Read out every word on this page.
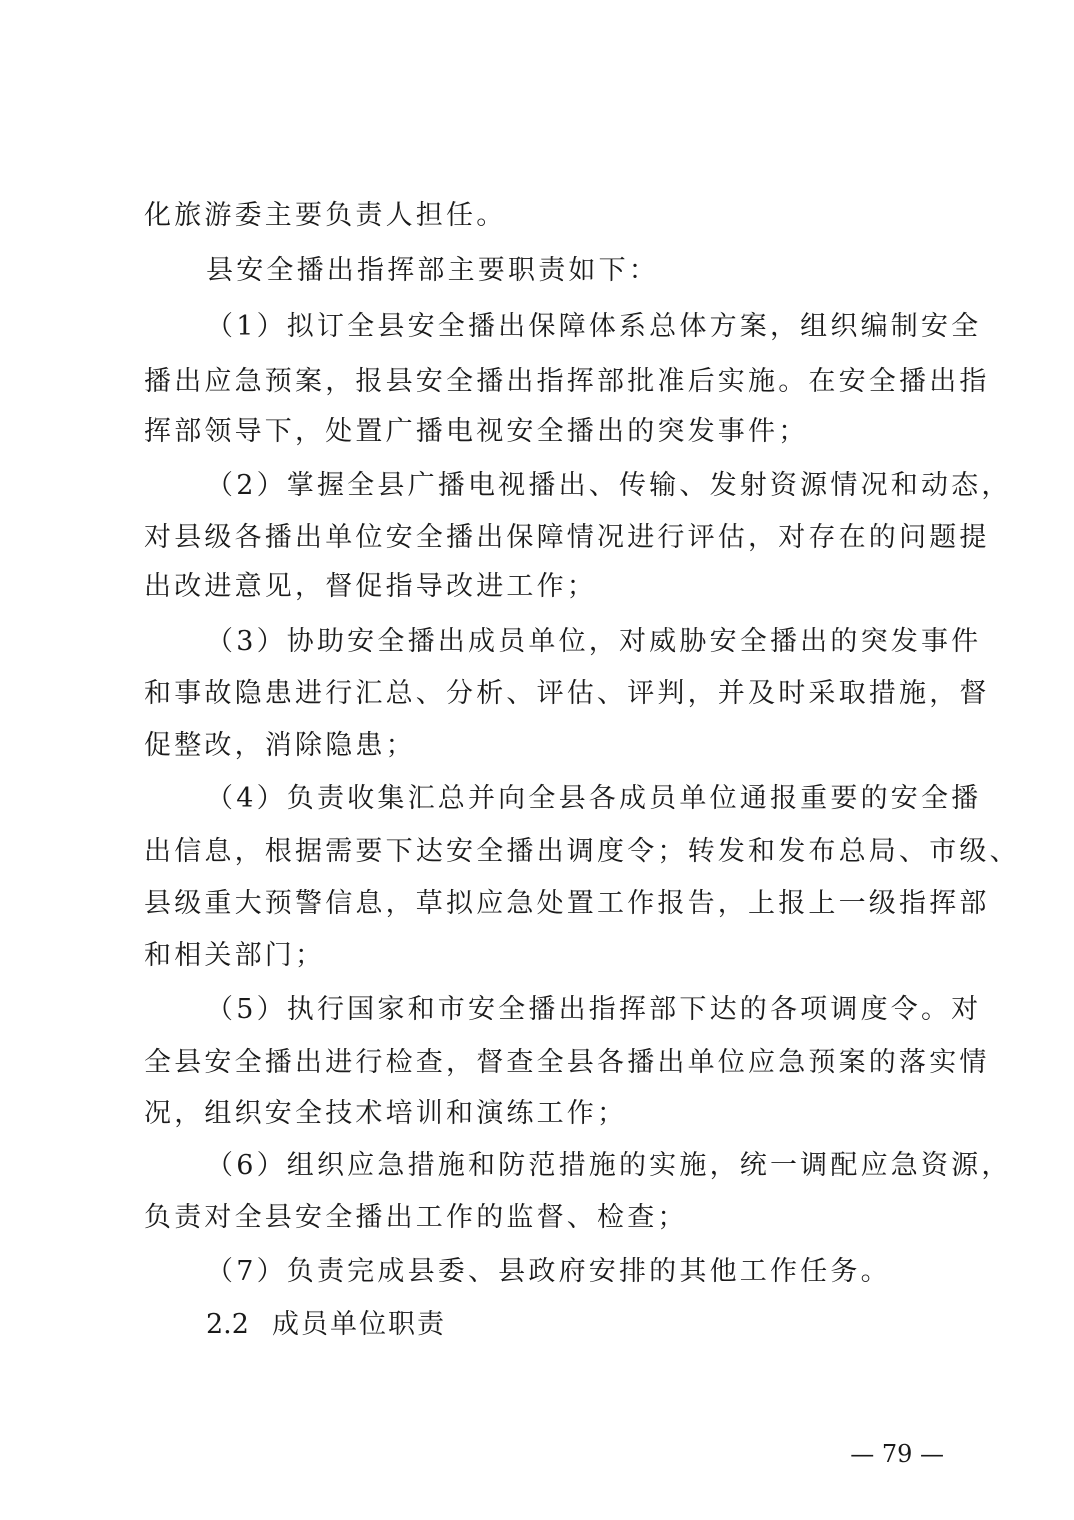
化旅游委主要负责人担任。
县安全播出指挥部主要职责如下：
（1）拟订全县安全播出保障体系总体方案，组织编制安全
播出应急预案，报县安全播出指挥部批准后实施。在安全播出指
挥部领导下，处置广播电视安全播出的突发事件；
（2）掌握全县广播电视播出、传输、发射资源情况和动态，
对县级各播出单位安全播出保障情况进行评估，对存在的问题提
出改进意见，督促指导改进工作；
（3）协助安全播出成员单位，对威胁安全播出的突发事件
和事故隐患进行汇总、分析、评估、评判，并及时采取措施，督
促整改，消除隐患；
（4）负责收集汇总并向全县各成员单位通报重要的安全播
出信息，根据需要下达安全播出调度令；转发和发布总局、市级、
县级重大预警信息，草拟应急处置工作报告，上报上一级指挥部
和相关部门；
（5）执行国家和市安全播出指挥部下达的各项调度令。对
全县安全播出进行检查，督查全县各播出单位应急预案的落实情
况，组织安全技术培训和演练工作；
（6）组织应急措施和防范措施的实施，统一调配应急资源，
负责对全县安全播出工作的监督、检查；
（7）负责完成县委、县政府安排的其他工作任务。
2.2 成员单位职责
— 79 —
